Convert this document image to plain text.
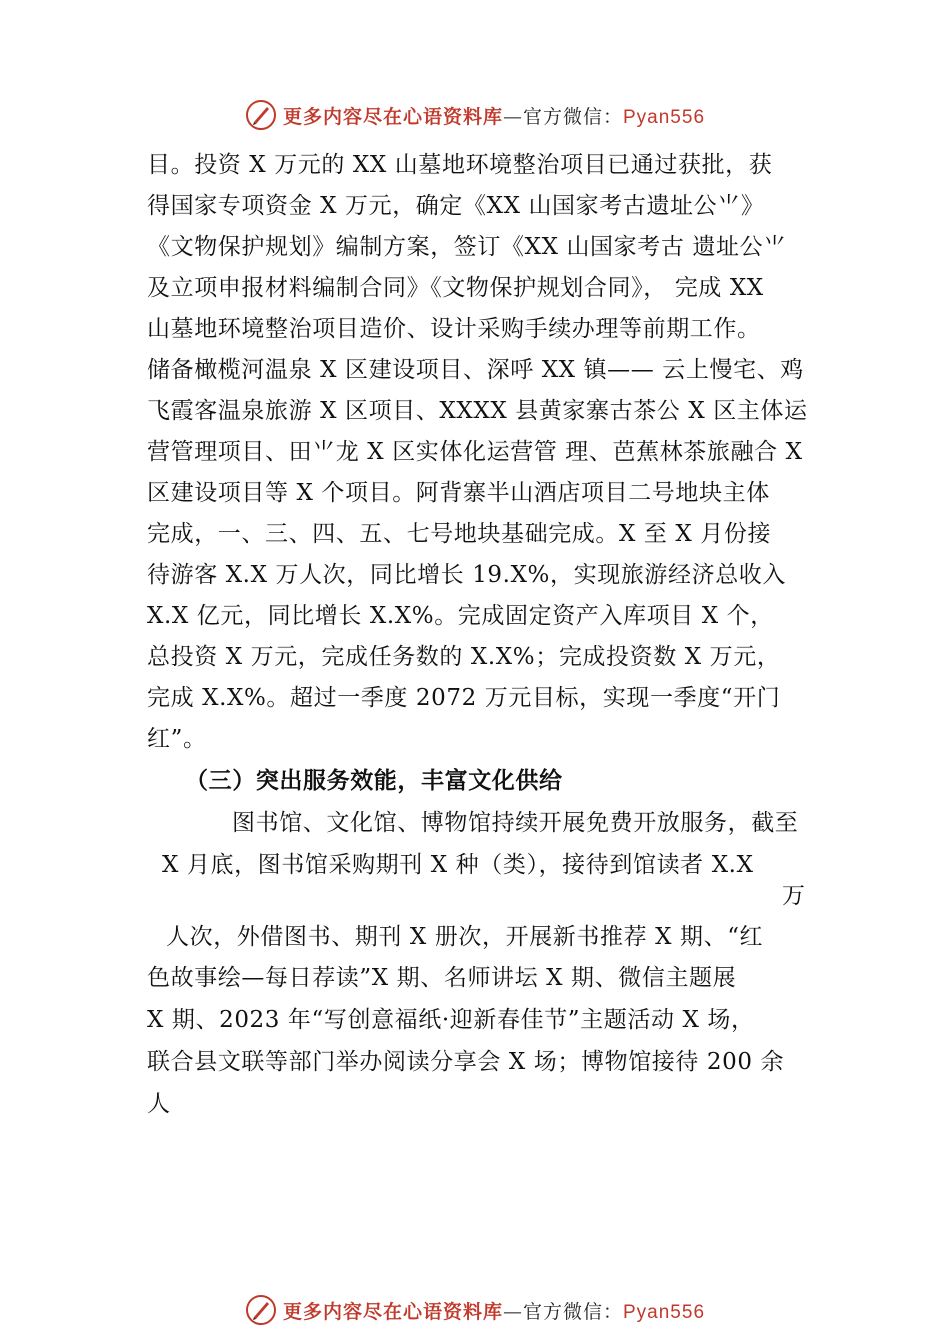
更多内容尽在心语资料库—官方微信：Pyan556
目。投资 X 万元的 XX 山墓地环境整治项目已通过获批，获
得国家专项资金 X 万元，确定《XX 山国家考古遗址公⺌》
《文物保护规划》编制方案，签订《XX 山国家考古 遗址公⺌
及立项申报材料编制合同》《文物保护规划合同》， 完成 XX
山墓地环境整治项目造价、设计采购手续办理等前期工作。
储备橄榄河温泉 X 区建设项目、深呼 XX 镇—— 云上慢宅、鸡
飞霞客温泉旅游 X 区项目、XXXX 县黄家寨古茶公 X 区主体运
营管理项目、田⺌龙 X 区实体化运营管 理、芭蕉林茶旅融合 X
区建设项目等 X 个项目。阿背寨半山酒店项目二号地块主体
完成，一、三、四、五、七号地块基础完成。X 至 X 月份接
待游客 X.X 万人次，同比增长 19.X%，实现旅游经济总收入
X.X 亿元，同比增长 X.X%。完成固定资产入库项目 X 个，
总投资 X 万元，完成任务数的 X.X%；完成投资数 X 万元，
完成 X.X%。超过一季度 2072 万元目标，实现一季度“开门
红”。
（三）突出服务效能，丰富文化供给
图书馆、文化馆、博物馆持续开展免费开放服务，截至
X 月底，图书馆采购期刊 X 种（类），接待到馆读者 X.X
万
人次，外借图书、期刊 X 册次，开展新书推荐 X 期、“红
色故事绘—每日荐读”X 期、名师讲坛 X 期、微信主题展
X 期、2023 年“写创意福纸·迎新春佳节”主题活动 X 场，
联合县文联等部门举办阅读分享会 X 场；博物馆接待 200 余
人
更多内容尽在心语资料库—官方微信：Pyan556
